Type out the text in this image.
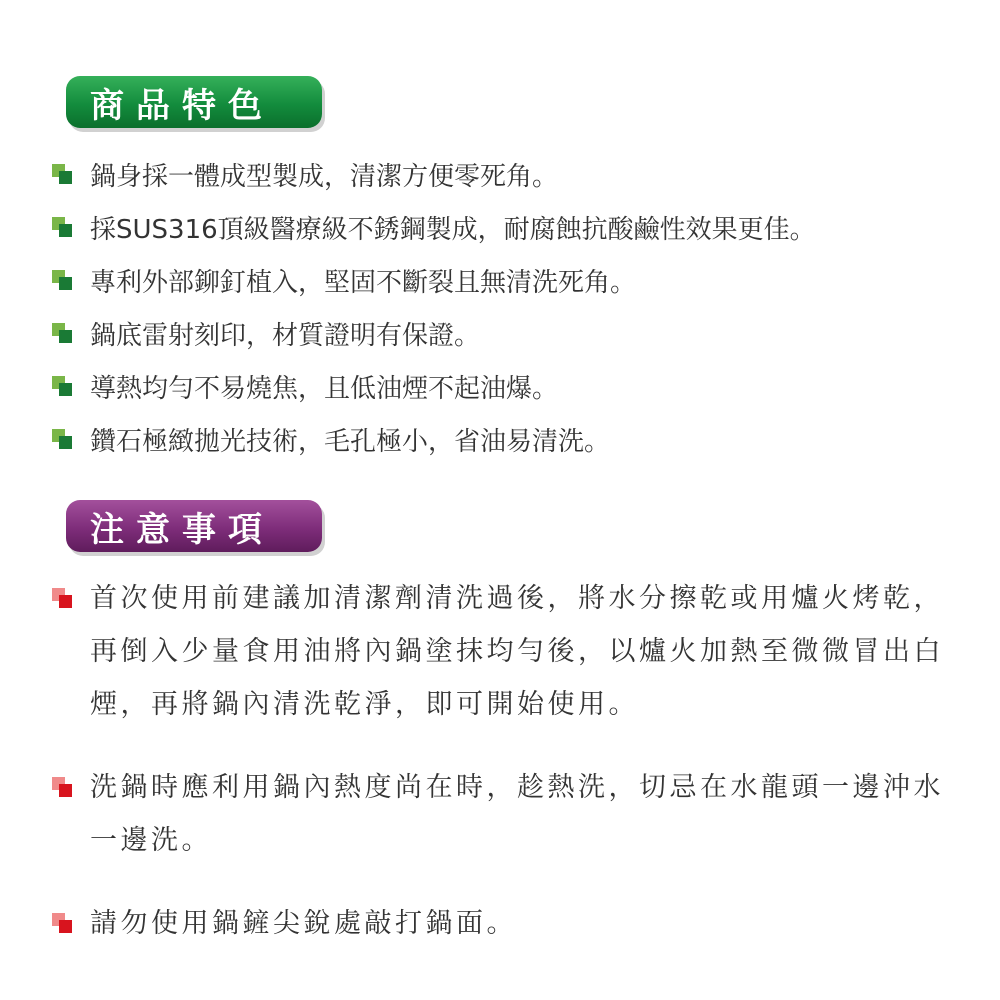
商品特色
鍋身採一體成型製成，清潔方便零死角。
採SUS316頂級醫療級不銹鋼製成，耐腐蝕抗酸鹼性效果更佳。
專利外部鉚釘植入，堅固不斷裂且無清洗死角。
鍋底雷射刻印，材質證明有保證。
導熱均勻不易燒焦，且低油煙不起油爆。
鑽石極緻拋光技術，毛孔極小，省油易清洗。
注意事項
首次使用前建議加清潔劑清洗過後，將水分擦乾或用爐火烤乾，再倒入少量食用油將內鍋塗抹均勻後，以爐火加熱至微微冒出白煙，再將鍋內清洗乾淨，即可開始使用。
洗鍋時應利用鍋內熱度尚在時，趁熱洗，切忌在水龍頭一邊沖水一邊洗。
請勿使用鍋鏟尖銳處敲打鍋面。
